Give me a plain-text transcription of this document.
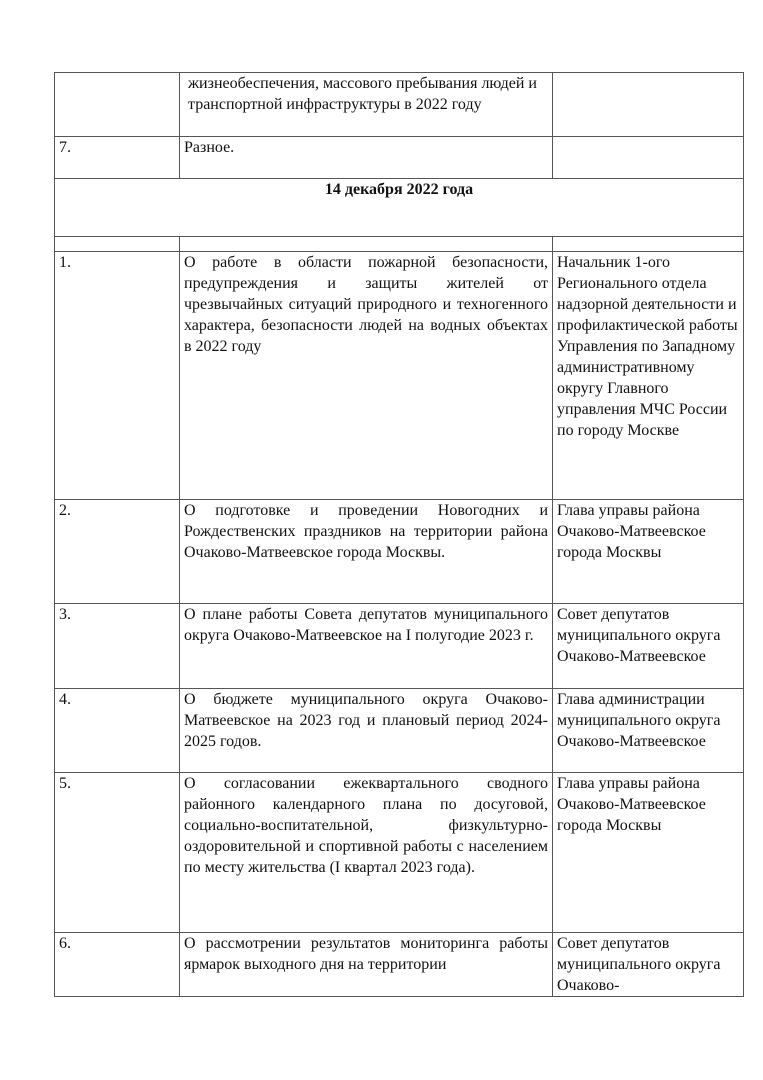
	жизнеобеспечения, массового пребывания людей и транспортной инфраструктуры в 2022 году	
7.	Разное.	
14 декабря 2022 года		

1.	О работе в области пожарной безопасности, предупреждения и защиты жителей от чрезвычайных ситуаций природного и техногенного характера, безопасности людей на водных объектах в 2022 году	Начальник 1-ого Регионального отдела надзорной деятельности и профилактической работы Управления по Западному административному округу Главного управления МЧС России по городу Москве
2.	О подготовке и проведении Новогодних и Рождественских праздников на территории района Очаково-Матвеевское города Москвы.	Глава управы района Очаково-Матвеевское города Москвы
3.	О плане работы Совета депутатов муниципального округа Очаково-Матвеевское на I полугодие 2023 г.	Совет депутатов муниципального округа Очаково-Матвеевское
4.	О бюджете муниципального округа Очаково-Матвеевское на 2023 год и плановый период 2024-2025 годов.	Глава администрации муниципального округа Очаково-Матвеевское
5.	О согласовании ежеквартального сводного районного календарного плана по досуговой, социально-воспитательной, физкультурно-оздоровительной и спортивной работы с населением по месту жительства (I квартал 2023 года).	Глава управы района Очаково-Матвеевское города Москвы
6.	О рассмотрении результатов мониторинга работы ярмарок выходного дня на территории	Совет депутатов муниципального округа Очаково-
